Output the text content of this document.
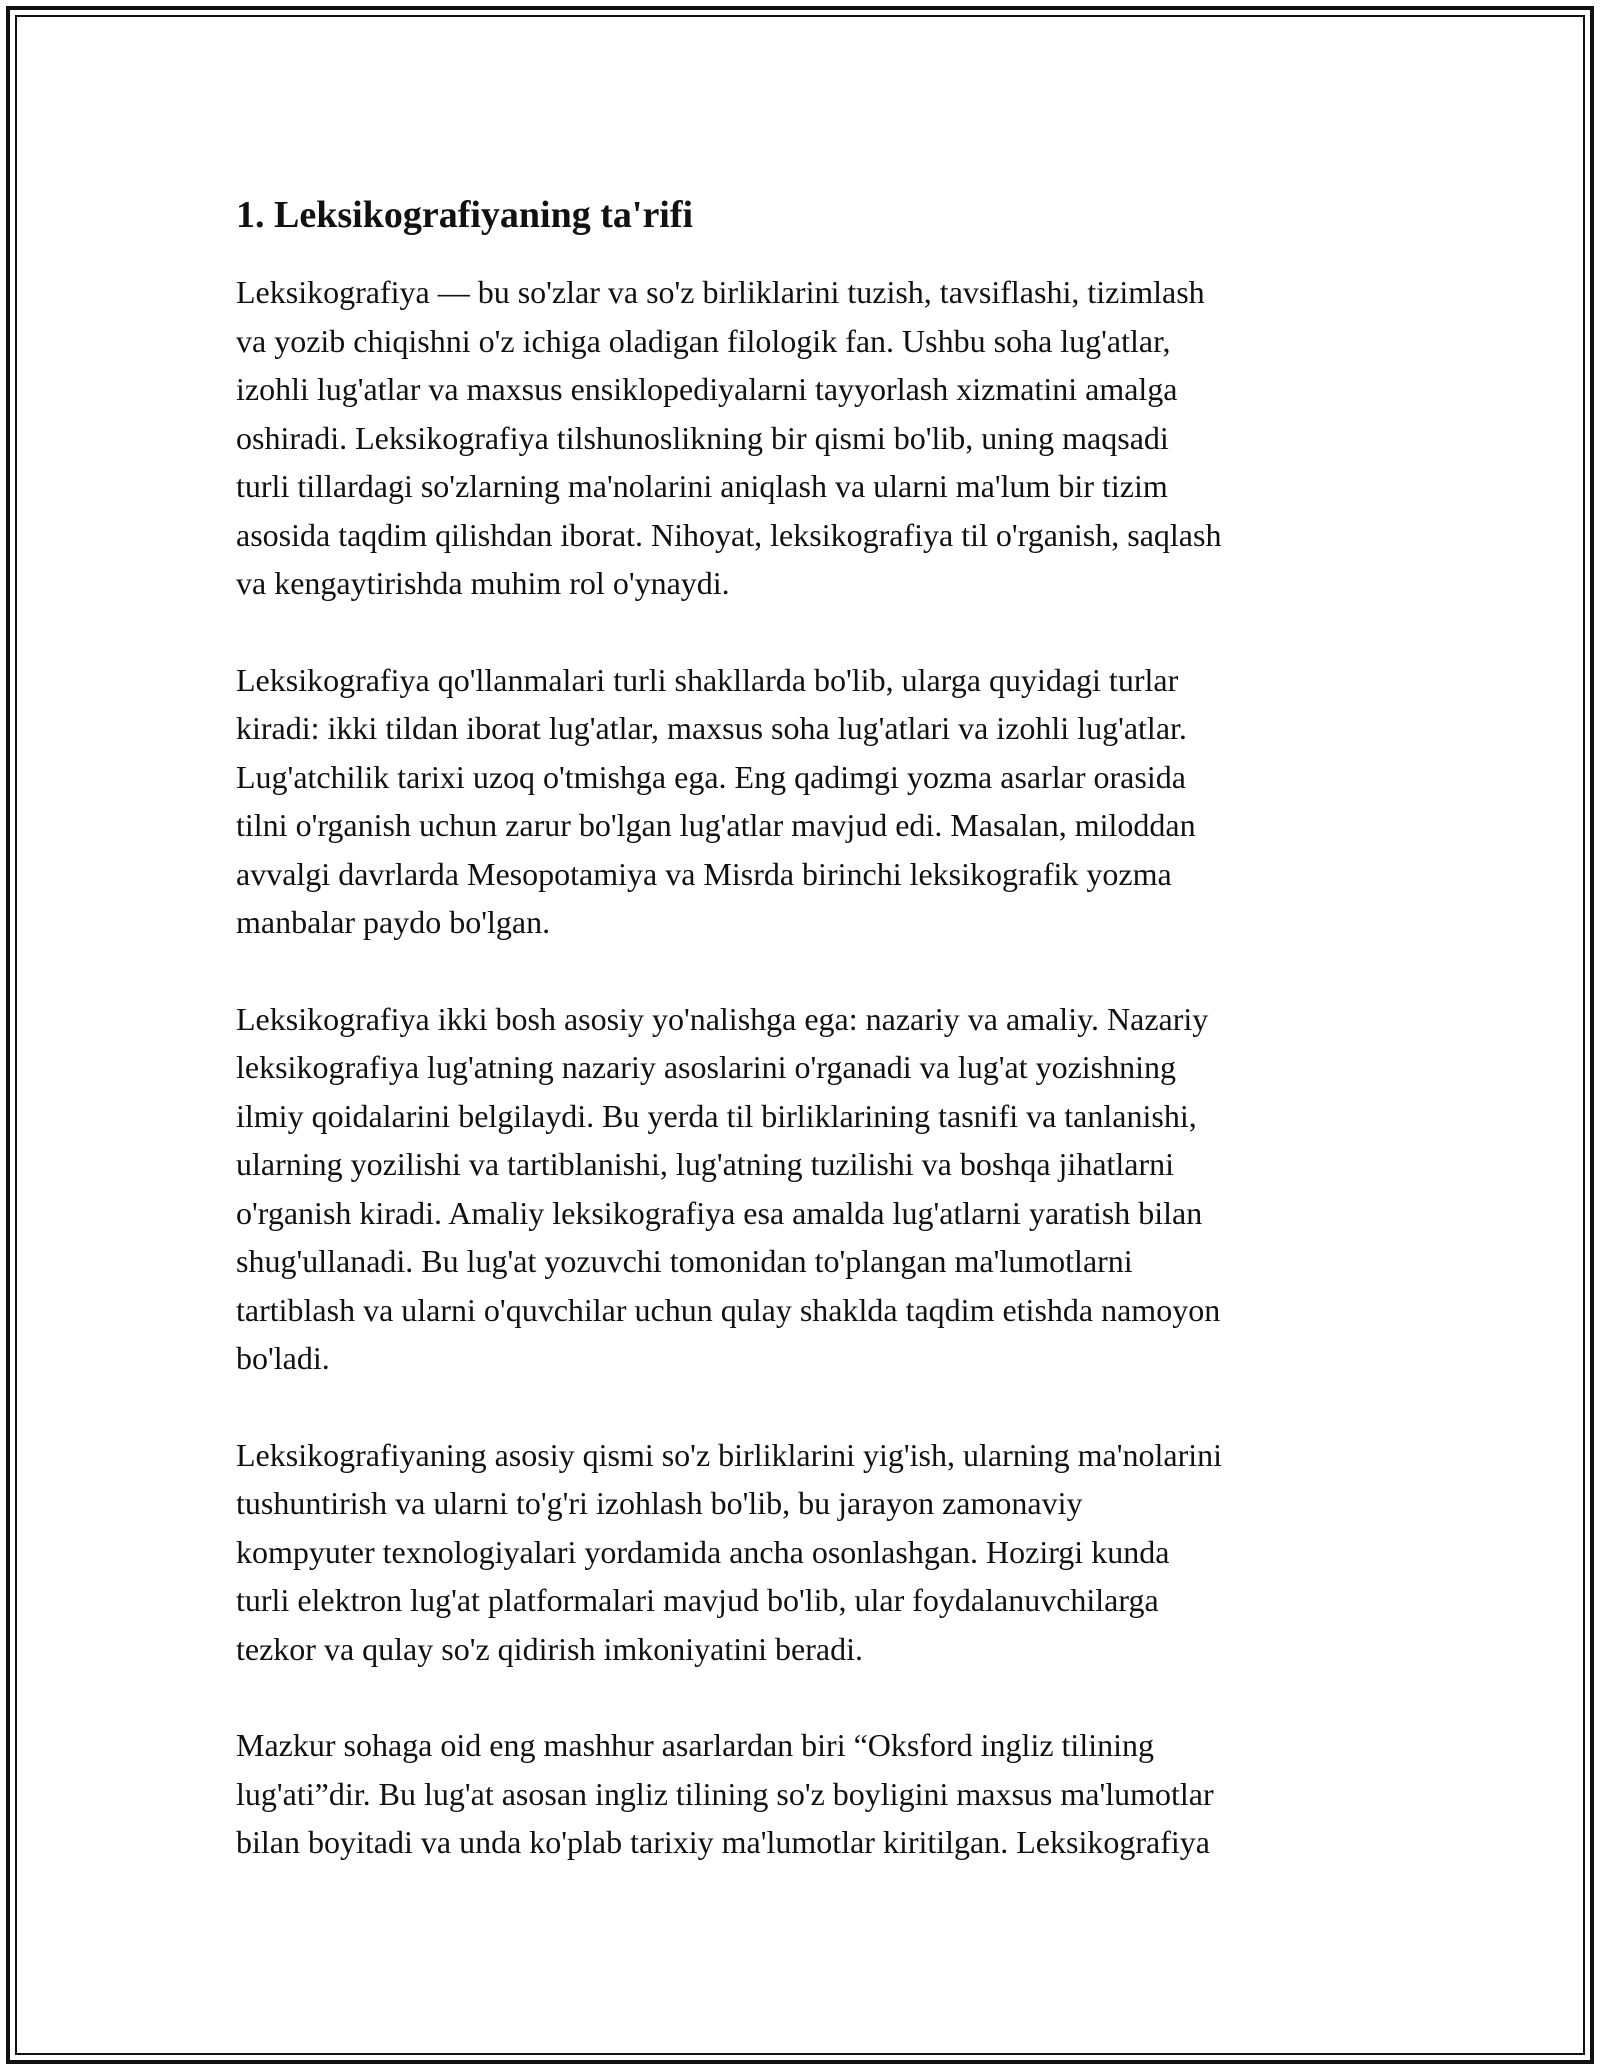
1. Leksikografiyaning ta'rifi

Leksikografiya — bu so'zlar va so'z birliklarini tuzish, tavsiflashi, tizimlash
va yozib chiqishni o'z ichiga oladigan filologik fan. Ushbu soha lug'atlar,
izohli lug'atlar va maxsus ensiklopediyalarni tayyorlash xizmatini amalga
oshiradi. Leksikografiya tilshunoslikning bir qismi bo'lib, uning maqsadi
turli tillardagi so'zlarning ma'nolarini aniqlash va ularni ma'lum bir tizim
asosida taqdim qilishdan iborat. Nihoyat, leksikografiya til o'rganish, saqlash
va kengaytirishda muhim rol o'ynaydi.

Leksikografiya qo'llanmalari turli shakllarda bo'lib, ularga quyidagi turlar
kiradi: ikki tildan iborat lug'atlar, maxsus soha lug'atlari va izohli lug'atlar.
Lug'atchilik tarixi uzoq o'tmishga ega. Eng qadimgi yozma asarlar orasida
tilni o'rganish uchun zarur bo'lgan lug'atlar mavjud edi. Masalan, miloddan
avvalgi davrlarda Mesopotamiya va Misrda birinchi leksikografik yozma
manbalar paydo bo'lgan.

Leksikografiya ikki bosh asosiy yo'nalishga ega: nazariy va amaliy. Nazariy
leksikografiya lug'atning nazariy asoslarini o'rganadi va lug'at yozishning
ilmiy qoidalarini belgilaydi. Bu yerda til birliklarining tasnifi va tanlanishi,
ularning yozilishi va tartiblanishi, lug'atning tuzilishi va boshqa jihatlarni
o'rganish kiradi. Amaliy leksikografiya esa amalda lug'atlarni yaratish bilan
shug'ullanadi. Bu lug'at yozuvchi tomonidan to'plangan ma'lumotlarni
tartiblash va ularni o'quvchilar uchun qulay shaklda taqdim etishda namoyon
bo'ladi.

Leksikografiyaning asosiy qismi so'z birliklarini yig'ish, ularning ma'nolarini
tushuntirish va ularni to'g'ri izohlash bo'lib, bu jarayon zamonaviy
kompyuter texnologiyalari yordamida ancha osonlashgan. Hozirgi kunda
turli elektron lug'at platformalari mavjud bo'lib, ular foydalanuvchilarga
tezkor va qulay so'z qidirish imkoniyatini beradi.

Mazkur sohaga oid eng mashhur asarlardan biri “Oksford ingliz tilining
lug'ati”dir. Bu lug'at asosan ingliz tilining so'z boyligini maxsus ma'lumotlar
bilan boyitadi va unda ko'plab tarixiy ma'lumotlar kiritilgan. Leksikografiya
